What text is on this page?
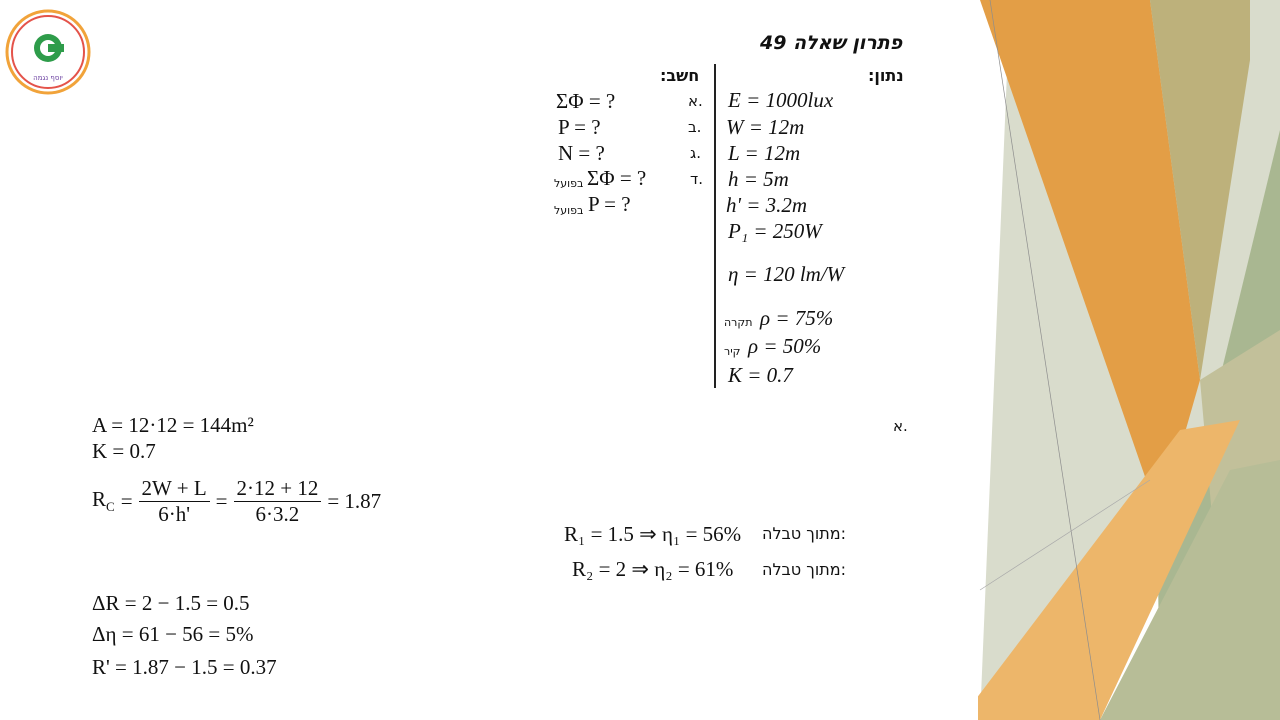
יוסף נגמה
פתרון שאלה 49
נתון:
חשב:
E = 1000lux
W = 12m
L = 12m
h = 5m
h' = 3.2m
P₁ = 250W
η = 120 lm/W
תקרה ρ = 75%
קיר ρ = 50%
K = 0.7
א.
ΣΦ = ?
ב.
P = ?
ג.
N = ?
ד.
בפועל ΣΦ = ?
בפועל P = ?
א.
A = 12·12 = 144m²
K = 0.7
$R_C = \frac{2W + L}{6\cdot h'} = \frac{2\cdot 12 + 12}{6\cdot 3.2} = 1.87$
R₁ = 1.5 ⇒ η₁ = 56% מתוך טבלה:
R₂ = 2 ⇒ η₂ = 61% מתוך טבלה:
ΔR = 2 − 1.5 = 0.5
Δη = 61 − 56 = 5%
R' = 1.87 − 1.5 = 0.37
